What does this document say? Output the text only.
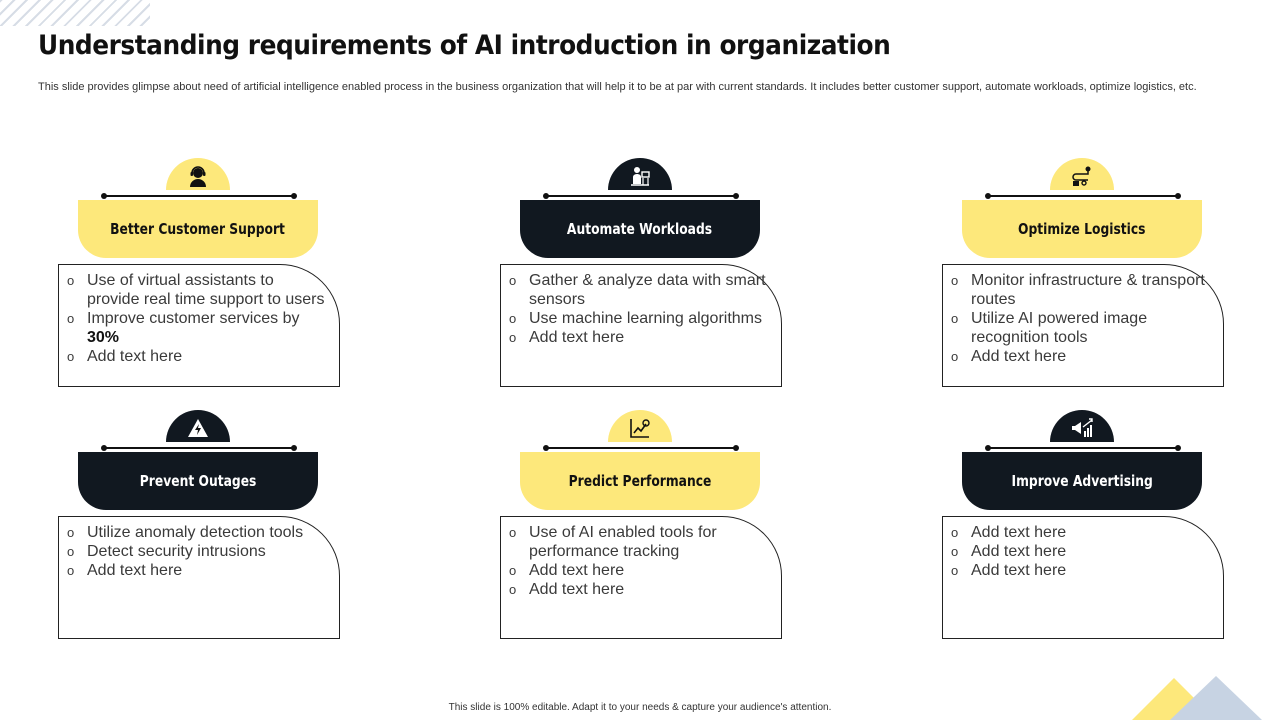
Understanding requirements of AI introduction in organization

This slide provides glimpse about need of artificial intelligence enabled process in the business organization that will help it to be at par with current standards. It includes better customer support, automate workloads, optimize logistics, etc.

Better Customer Support
o Use of virtual assistants to provide real time support to users
o Improve customer services by 30%
o Add text here
Automate Workloads
o Gather & analyze data with smart sensors
o Use machine learning algorithms
o Add text here
Optimize Logistics
o Monitor infrastructure & transport routes
o Utilize AI powered image recognition tools
o Add text here
Prevent Outages
o Utilize anomaly detection tools
o Detect security intrusions
o Add text here
Predict Performance
o Use of AI enabled tools for performance tracking
o Add text here
o Add text here
Improve Advertising
o Add text here
o Add text here
o Add text here
This slide is 100% editable. Adapt it to your needs & capture your audience's attention.
